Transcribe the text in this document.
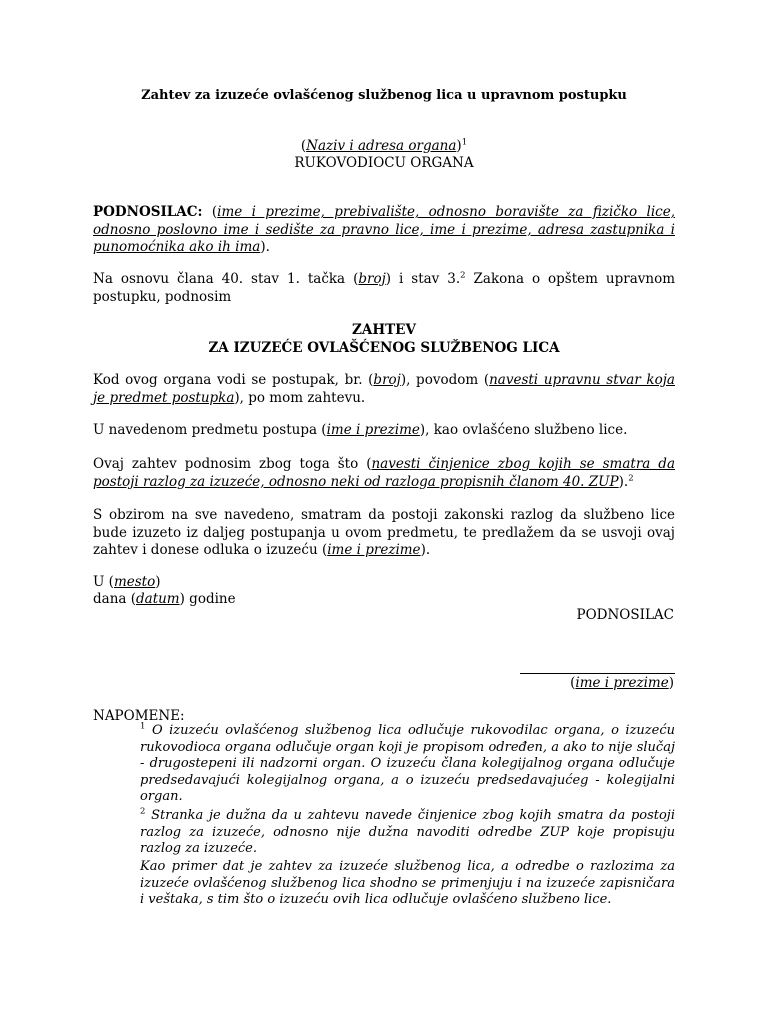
Zahtev za izuzeće ovlašćenog službenog lica u upravnom postupku
(Naziv i adresa organa)$^1$
RUKOVODIOCU ORGANA

PODNOSILAC: (ime i prezime, prebivalište, odnosno boravište za fizičko lice, odnosno poslovno ime i sedište za pravno lice, ime i prezime, adresa zastupnika i punomoćnika ako ih ima).

Na osnovu člana 40. stav 1. tačka (broj) i stav 3.$^2$ Zakona o opštem upravnom postupku, podnosim

ZAHTEV
ZA IZUZEĆE OVLAŠĆENOG SLUŽBENOG LICA

Kod ovog organa vodi se postupak, br. (broj), povodom (navesti upravnu stvar koja je predmet postupka), po mom zahtevu.

U navedenom predmetu postupa (ime i prezime), kao ovlašćeno službeno lice.

Ovaj zahtev podnosim zbog toga što (navesti činjenice zbog kojih se smatra da postoji razlog za izuzeće, odnosno neki od razloga propisnih članom 40. ZUP).$^2$

S obzirom na sve navedeno, smatram da postoji zakonski razlog da službeno lice bude izuzeto iz daljeg postupanja u ovom predmetu, te predlažem da se usvoji ovaj zahtev i donese odluka o izuzeću (ime i prezime).

U (mesto)

dana (datum) godine

PODNOSILAC
(ime i prezime)
NAPOMENE:

$^1$ O izuzeću ovlašćenog službenog lica odlučuje rukovodilac organa, o izuzeću rukovodioca organa odlučuje organ koji je propisom određen, a ako to nije slučaj - drugostepeni ili nadzorni organ. O izuzeću člana kolegijalnog organa odlučuje predsedavajući kolegijalnog organa, a o izuzeću predsedavajućeg - kolegijalni organ.

$^2$ Stranka je dužna da u zahtevu navede činjenice zbog kojih smatra da postoji razlog za izuzeće, odnosno nije dužna navoditi odredbe ZUP koje propisuju razlog za izuzeće.

Kao primer dat je zahtev za izuzeće službenog lica, a odredbe o razlozima za izuzeće ovlašćenog službenog lica shodno se primenjuju i na izuzeće zapisničara i veštaka, s tim što o izuzeću ovih lica odlučuje ovlašćeno službeno lice.
